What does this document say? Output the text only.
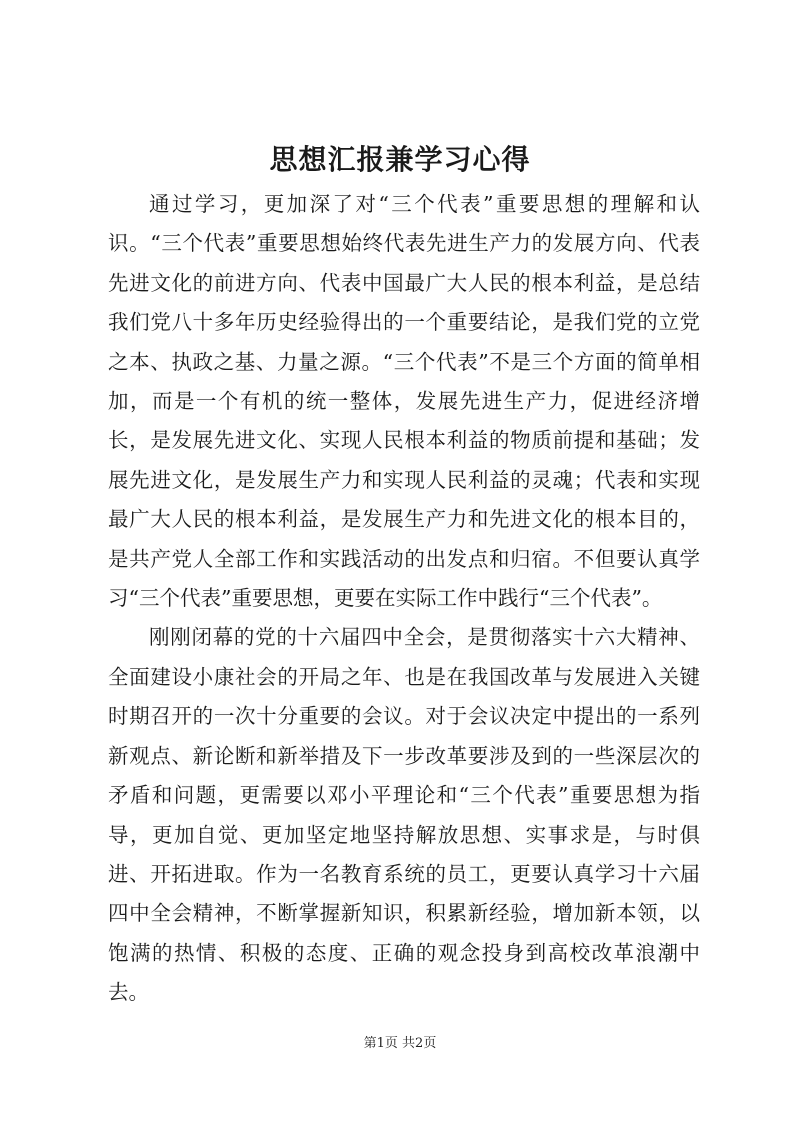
思想汇报兼学习心得

通过学习，更加深了对“三个代表”重要思想的理解和认识。“三个代表”重要思想始终代表先进生产力的发展方向、代表先进文化的前进方向、代表中国最广大人民的根本利益，是总结我们党八十多年历史经验得出的一个重要结论，是我们党的立党之本、执政之基、力量之源。“三个代表”不是三个方面的简单相加，而是一个有机的统一整体，发展先进生产力，促进经济增长，是发展先进文化、实现人民根本利益的物质前提和基础；发展先进文化，是发展生产力和实现人民利益的灵魂；代表和实现最广大人民的根本利益，是发展生产力和先进文化的根本目的，是共产党人全部工作和实践活动的出发点和归宿。不但要认真学习“三个代表”重要思想，更要在实际工作中践行“三个代表”。

刚刚闭幕的党的十六届四中全会，是贯彻落实十六大精神、全面建设小康社会的开局之年、也是在我国改革与发展进入关键时期召开的一次十分重要的会议。对于会议决定中提出的一系列新观点、新论断和新举措及下一步改革要涉及到的一些深层次的矛盾和问题，更需要以邓小平理论和“三个代表”重要思想为指导，更加自觉、更加坚定地坚持解放思想、实事求是，与时俱进、开拓进取。作为一名教育系统的员工，更要认真学习十六届四中全会精神，不断掌握新知识，积累新经验，增加新本领，以饱满的热情、积极的态度、正确的观念投身到高校改革浪潮中去。

第1页 共2页
